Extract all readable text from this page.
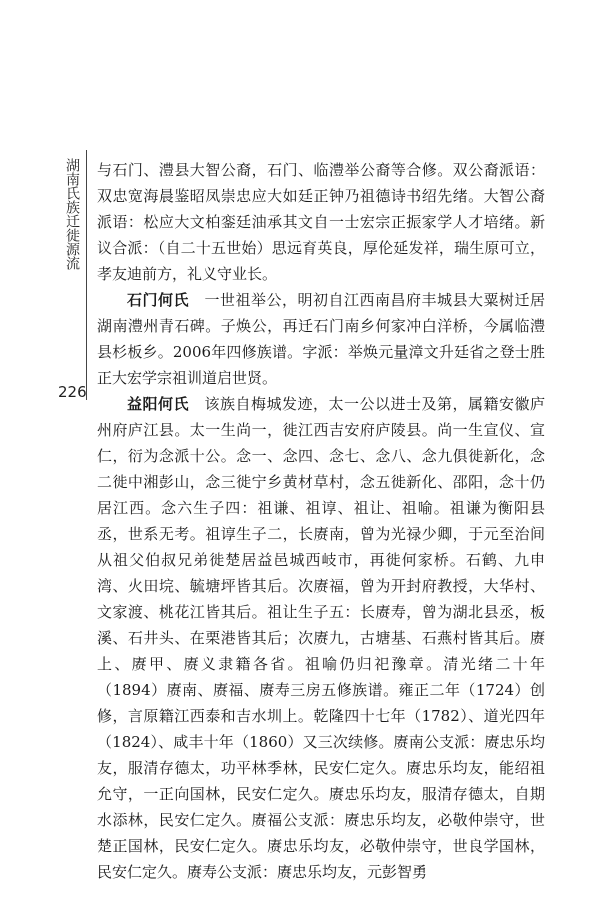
湖南氏族迁徙源流
226

与石门、澧县大智公裔，石门、临澧举公裔等合修。双公裔派语：双忠宽海晨鉴昭凤崇忠应大如廷正钟乃祖德诗书绍先绪。大智公裔派语：松应大文柏銮廷油承其文自一士宏宗正振家学人才培绪。新议合派：（自二十五世始）思远育英良，厚伦延发祥，瑞生原可立，孝友迪前方，礼义守业长。

石门何氏　 一世祖举公，明初自江西南昌府丰城县大粟树迁居湖南澧州青石碑。子焕公，再迁石门南乡何家冲白洋桥，今属临澧县杉板乡。2006年四修族谱。字派：举焕元量漳文升廷省之登士胜正大宏学宗祖训道启世贤。

益阳何氏　 该族自梅城发迹，太一公以进士及第，属籍安徽庐州府庐江县。太一生尚一，徙江西吉安府庐陵县。尚一生宣仪、宣仁，衍为念派十公。念一、念四、念七、念八、念九俱徙新化，念二徙中湘彭山，念三徙宁乡黄材草村，念五徙新化、邵阳，念十仍居江西。念六生子四：祖谦、祖谆、祖让、祖喻。祖谦为衡阳县丞，世系无考。祖谆生子二，长赓南，曾为光禄少卿，于元至治间从祖父伯叔兄弟徙楚居益邑城西岐市，再徙何家桥。石鹤、九申湾、火田垸、毓塘坪皆其后。次赓福，曾为开封府教授，大华村、文家渡、桃花江皆其后。祖让生子五：长赓寿，曾为湖北县丞，板溪、石井头、在栗港皆其后；次赓九，古塘基、石燕村皆其后。赓上、赓甲、赓义隶籍各省。祖喻仍归祀豫章。清光绪二十年（1894）赓南、赓福、赓寿三房五修族谱。雍正二年（1724）创修，言原籍江西泰和吉水圳上。乾隆四十七年（1782）、道光四年（1824）、咸丰十年（1860）又三次续修。赓南公支派：赓忠乐均友，服清存德太，功平林季林，民安仁定久。赓忠乐均友，能绍祖允守，一正向国林，民安仁定久。赓忠乐均友，服清存德太，自期水添林，民安仁定久。赓福公支派：赓忠乐均友，必敬仲崇守，世楚正国林，民安仁定久。赓忠乐均友，必敬仲崇守，世良学国林，民安仁定久。赓寿公支派：赓忠乐均友，元彭智勇
